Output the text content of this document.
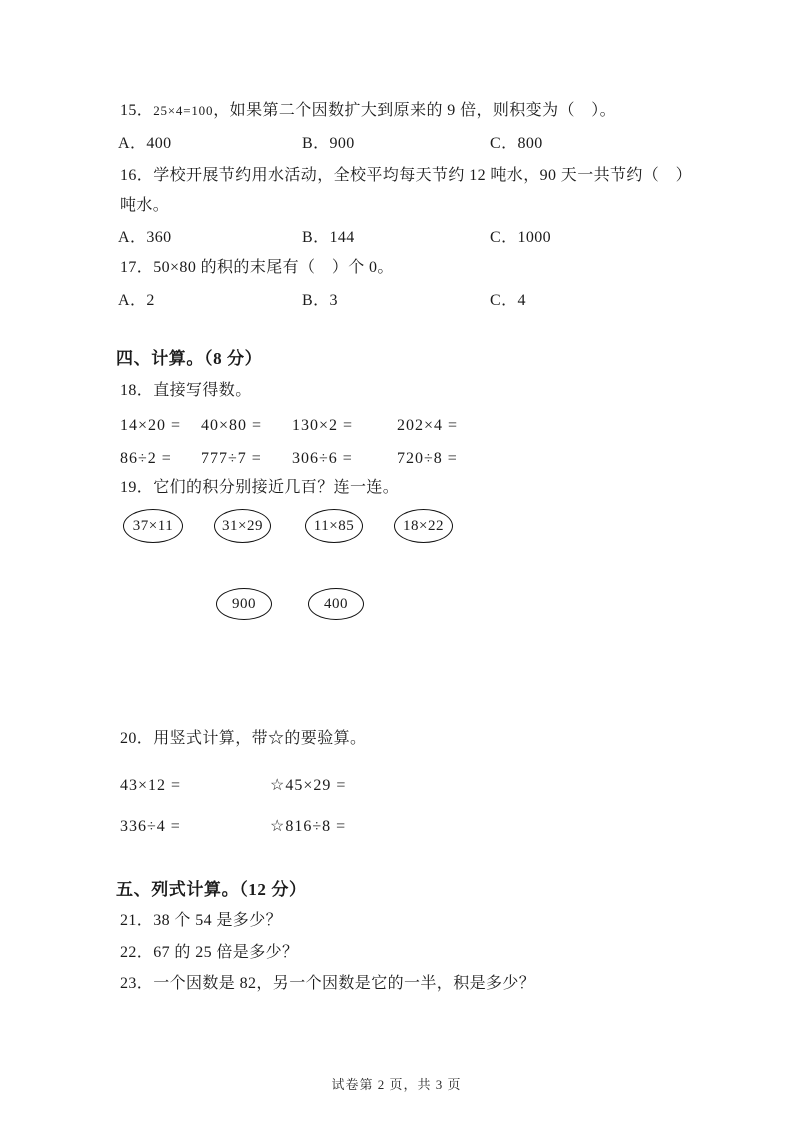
15．25×4=100，如果第二个因数扩大到原来的 9 倍，则积变为（　）。
A．400	B．900	C．800
16．学校开展节约用水活动，全校平均每天节约 12 吨水，90 天一共节约（　）
吨水。
A．360	B．144	C．1000
17．50×80 的积的末尾有（　）个 0。
A．2	B．3	C．4
四、计算。（8 分）
18．直接写得数。
14×20 = 40×80 = 130×2 =	202×4 =
86÷2 = 777÷7 = 306÷6 =	720÷8 =
19．它们的积分别接近几百？连一连。
37×11	31×29	11×85	18×22
900	400
20．用竖式计算，带☆的要验算。
43×12 =	☆45×29 =
336÷4 =	☆816÷8 =
五、列式计算。（12 分）
21．38 个 54 是多少？
22．67 的 25 倍是多少？
23．一个因数是 82，另一个因数是它的一半，积是多少？
试卷第 2 页，共 3 页
